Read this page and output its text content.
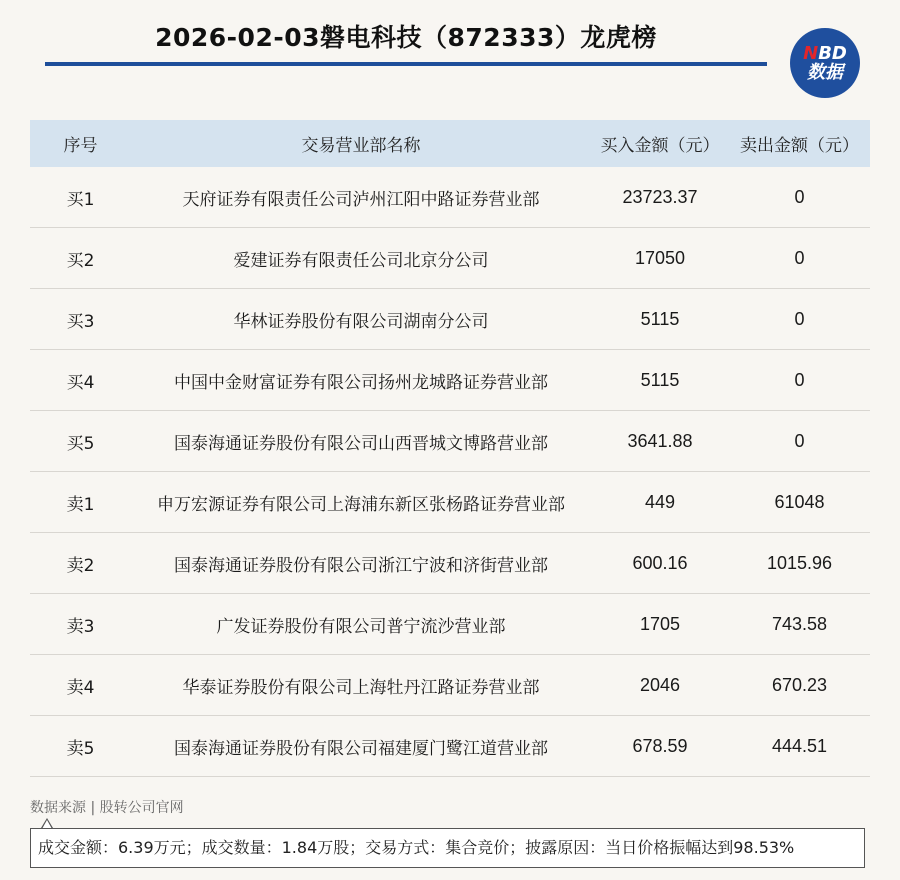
2026-02-03磐电科技（872333）龙虎榜
NBD
数据
序号	交易营业部名称	买入金额（元）	卖出金额（元）
买1	天府证券有限责任公司泸州江阳中路证券营业部	23723.37	0
买2	爱建证券有限责任公司北京分公司	17050	0
买3	华林证券股份有限公司湖南分公司	5115	0
买4	中国中金财富证券有限公司扬州龙城路证券营业部	5115	0
买5	国泰海通证券股份有限公司山西晋城文博路营业部	3641.88	0
卖1	申万宏源证券有限公司上海浦东新区张杨路证券营业部	449	61048
卖2	国泰海通证券股份有限公司浙江宁波和济街营业部	600.16	1015.96
卖3	广发证券股份有限公司普宁流沙营业部	1705	743.58
卖4	华泰证券股份有限公司上海牡丹江路证券营业部	2046	670.23
卖5	国泰海通证券股份有限公司福建厦门鹭江道营业部	678.59	444.51
数据来源 | 股转公司官网
成交金额：6.39万元；成交数量：1.84万股；交易方式：集合竞价；披露原因：当日价格振幅达到98.53%
